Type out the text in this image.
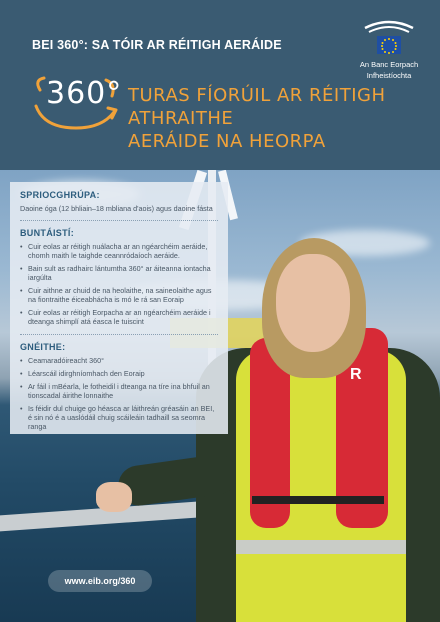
BEI 360°: SA TÓIR AR RÉITIGH AERÁIDE
An Banc Eorpach
Infheistíochta
360° TURAS FÍORÚIL AR RÉITIGH ATHRAITHE
AERÁIDE NA HEORPA
R
SPRIOCGHRÚPA:
Daoine óga (12 bhliain–18 mbliana d'aois) agus daoine fásta
BUNTÁISTÍ:
• Cuir eolas ar réitigh nuálacha ar an ngéarchéim aeráide, chomh maith le taighde ceannródaíoch aeráide.
• Bain sult as radhairc lántumtha 360° ar áiteanna iontacha iargúlta
• Cuir aithne ar chuid de na heolaithe, na saineolaithe agus na fiontraithe éiceabhácha is mó le rá san Eoraip
• Cuir eolas ar réitigh Eorpacha ar an ngéarchéim aeráide i dteanga shimplí atá éasca le tuiscint
GNÉITHE:
• Ceamaradóireacht 360°
• Léarscáil idirghníomhach den Eoraip
• Ar fáil i mBéarla, le fotheidil i dteanga na tíre ina bhfuil an tionscadal áirithe lonnaithe
• Is féidir dul chuige go héasca ar láithreán gréasáin an BEI, é sin nó é a uaslódáil chuig scáileáin tadhaill sa seomra ranga
www.eib.org/360
